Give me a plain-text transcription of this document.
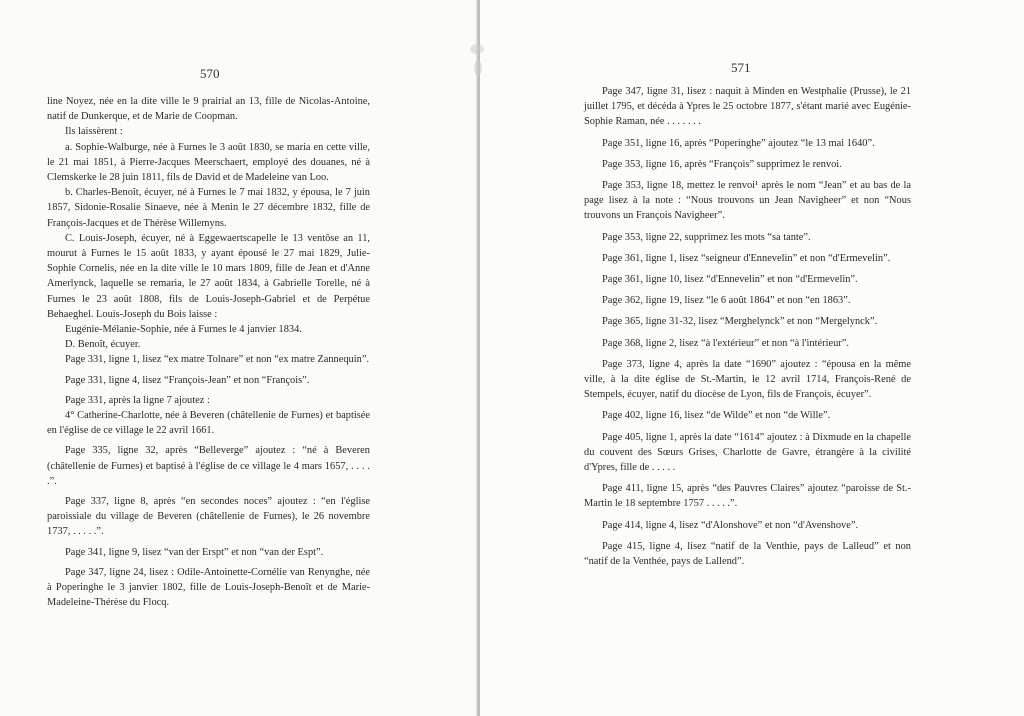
570

line Noyez, née en la dite ville le 9 prairial an 13, fille de Nicolas-Antoine, natif de Dunkerque, et de Marie de Coopman.

Ils laissèrent :

a. Sophie-Walburge, née à Furnes le 3 août 1830, se maria en cette ville, le 21 mai 1851, à Pierre-Jacques Meerschaert, employé des douanes, né à Clemskerke le 28 juin 1811, fils de David et de Madeleine van Loo.

b. Charles-Benoît, écuyer, né à Furnes le 7 mai 1832, y épousa, le 7 juin 1857, Sidonie-Rosalie Sinaeve, née à Menin le 27 décembre 1832, fille de François-Jacques et de Thérèse Willemyns.

C. Louis-Joseph, écuyer, né à Eggewaertscapelle le 13 ventôse an 11, mourut à Furnes le 15 août 1833, y ayant épousé le 27 mai 1829, Julie-Sophie Cornelis, née en la dite ville le 10 mars 1809, fille de Jean et d'Anne Amerlynck, laquelle se remaria, le 27 août 1834, à Gabrielle Torelle, né à Furnes le 23 août 1808, fils de Louis-Joseph-Gabriel et de Perpétue Behaeghel. Louis-Joseph du Bois laisse :

Eugénie-Mélanie-Sophie, née à Furnes le 4 janvier 1834.

D. Benoît, écuyer.

Page 331, ligne 1, lisez “ex matre Tolnare” et non “ex matre Zannequin”.

Page 331, ligne 4, lisez “François-Jean” et non “François”.

Page 331, après la ligne 7 ajoutez :

4° Catherine-Charlotte, née à Beveren (châtellenie de Furnes) et baptisée en l'église de ce village le 22 avril 1661.

Page 335, ligne 32, après “Belleverge” ajoutez : “né à Beveren (châtellenie de Furnes) et baptisé à l'église de ce village le 4 mars 1657, . . . . .”.

Page 337, ligne 8, après “en secondes noces” ajoutez : “en l'église paroissiale du village de Beveren (châtellenie de Furnes), le 26 novembre 1737, . . . . .”.

Page 341, ligne 9, lisez “van der Erspt” et non “van der Espt”.

Page 347, ligne 24, lisez : Odile-Antoinette-Cornélie van Renynghe, née à Poperinghe le 3 janvier 1802, fille de Louis-Joseph-Benoît et de Marie-Madeleine-Thérèse du Flocq.

571

Page 347, ligne 31, lisez : naquit à Minden en Westphalie (Prusse), le 21 juillet 1795, et décéda à Ypres le 25 octobre 1877, s'étant marié avec Eugénie-Sophie Raman, née . . . . . . .

Page 351, ligne 16, après “Poperinghe” ajoutez “le 13 mai 1640”.

Page 353, ligne 16, après “François” supprimez le renvoi.

Page 353, ligne 18, mettez le renvoi¹ après le nom “Jean” et au bas de la page lisez à la note : “Nous trouvons un Jean Navigheer” et non “Nous trouvons un François Navigheer”.

Page 353, ligne 22, supprimez les mots “sa tante”.

Page 361, ligne 1, lisez “seigneur d'Ennevelin” et non “d'Ermevelin”.

Page 361, ligne 10, lisez “d'Ennevelin” et non “d'Ermevelin”.

Page 362, ligne 19, lisez “le 6 août 1864” et non “en 1863”.

Page 365, ligne 31-32, lisez “Merghelynck” et non “Mergelynck”.

Page 368, ligne 2, lisez “à l'extérieur” et non “à l'intérieur”.

Page 373, ligne 4, après la date “1690” ajoutez : “épousa en la même ville, à la dite église de St.-Martin, le 12 avril 1714, François-René de Stempels, écuyer, natif du diocèse de Lyon, fils de François, écuyer”.

Page 402, ligne 16, lisez “de Wilde” et non “de Wille”.

Page 405, ligne 1, après la date “1614” ajoutez : à Dixmude en la chapelle du couvent des Sœurs Grises, Charlotte de Gavre, étrangère à la civilité d'Ypres, fille de . . . . .

Page 411, ligne 15, après “des Pauvres Claires” ajoutez “paroisse de St.-Martin le 18 septembre 1757 . . . . .”.

Page 414, ligne 4, lisez “d'Alonshove” et non “d'Avenshove”.

Page 415, ligne 4, lisez “natif de la Venthie, pays de Lalleud” et non “natif de la Venthée, pays de Lallend”.
